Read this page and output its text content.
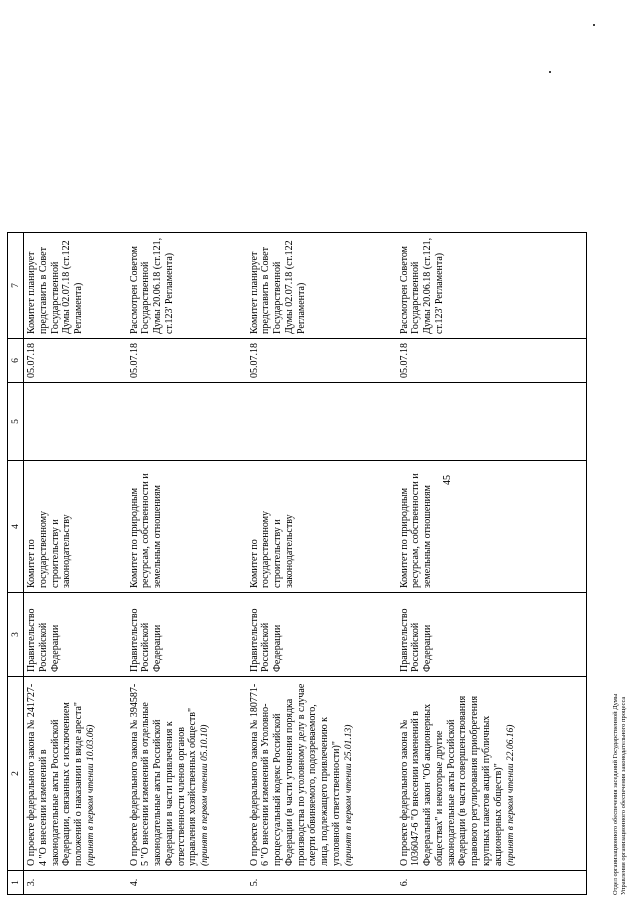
45
1	2	3	4	5	6	7
3.	О проекте федерального закона № 241727-4 "О внесении изменений в законодательные акты Российской Федерации, связанных с исключением положений о наказании в виде ареста" (принят в первом чтении 10.03.06)	Правительство Российской Федерации	Комитет по государственному строительству и законодательству		05.07.18	Комитет планирует представить в Совет Государственной Думы 02.07.18 (ст.122 Регламента)
4.	О проекте федерального закона № 394587-5 "О внесении изменений в отдельные законодательные акты Российской Федерации в части привлечения к ответственности членов органов управления хозяйственных обществ" (принят в первом чтении 05.10.10)	Правительство Российской Федерации	Комитет по природным ресурсам, собственности и земельным отношениям		05.07.18	Рассмотрен Советом Государственной Думы 20.06.18 (ст.121, ст.123' Регламента)
5.	О проекте федерального закона № 180771-6 "О внесении изменений в Уголовно-процессуальный кодекс Российской Федерации (в части уточнения порядка производства по уголовному делу в случае смерти обвиняемого, подозреваемого, лица, подлежащего привлечению к уголовной ответственности)" (принят в первом чтении 25.01.13)	Правительство Российской Федерации	Комитет по государственному строительству и законодательству		05.07.18	Комитет планирует представить в Совет Государственной Думы 02.07.18 (ст.122 Регламента)
6.	О проекте федерального закона № 1036047-6 "О внесении изменений в Федеральный закон "Об акционерных обществах" и некоторые другие законодательные акты Российской Федерации (в части совершенствования правового регулирования приобретения крупных пакетов акций публичных акционерных обществ)" (принят в первом чтении 22.06.16)	Правительство Российской Федерации	Комитет по природным ресурсам, собственности и земельным отношениям		05.07.18	Рассмотрен Советом Государственной Думы 20.06.18 (ст.121, ст.123' Регламента)
Отдел организационного обеспечения заседаний Государственной Думы Управления организационного обеспечения законодательного процесса
